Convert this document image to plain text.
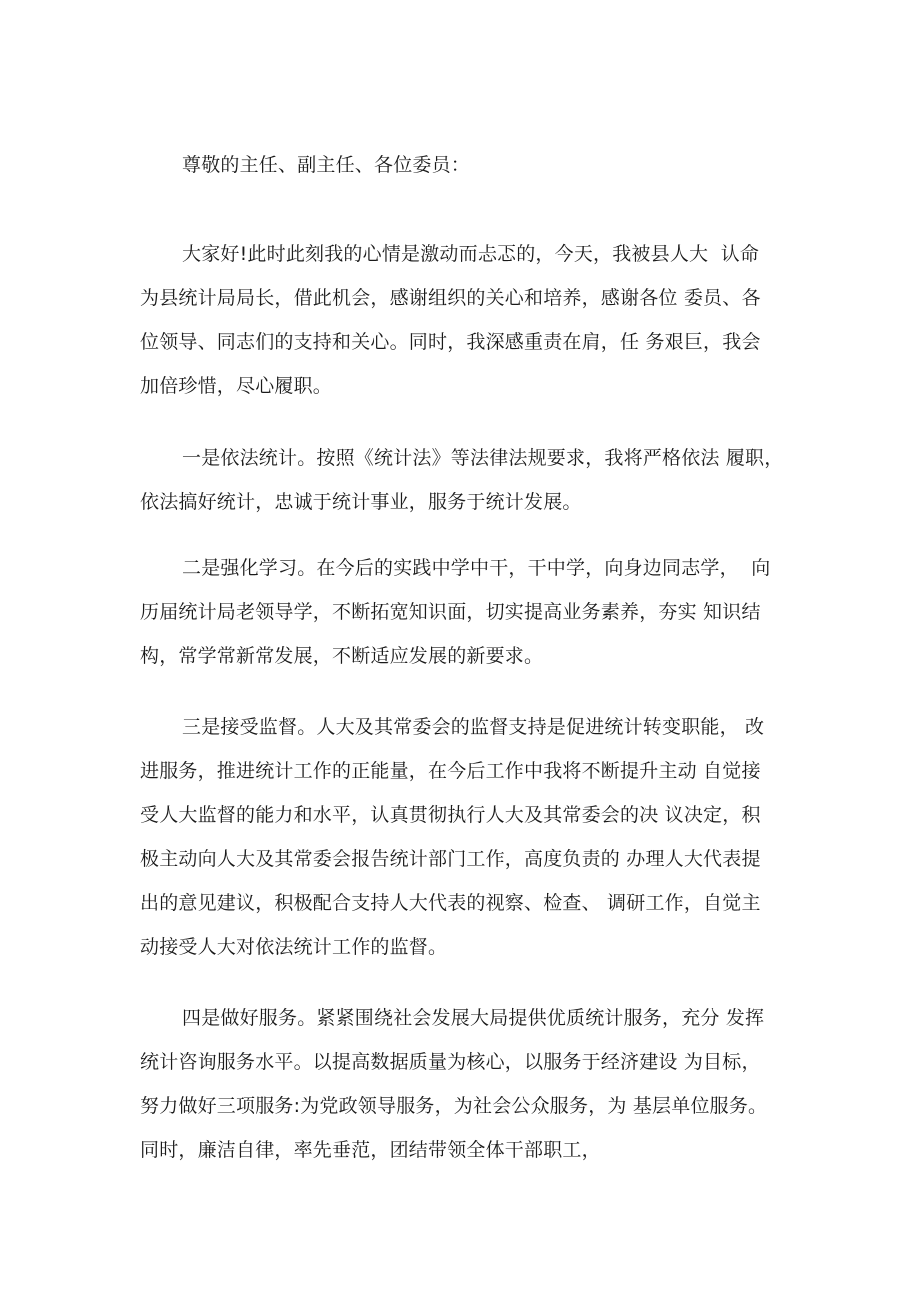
尊敬的主任、副主任、各位委员：
大家好!此时此刻我的心情是激动而忐忑的，今天，我被县人大  认命
为县统计局局长，借此机会，感谢组织的关心和培养，感谢各位 委员、各
位领导、同志们的支持和关心。同时，我深感重责在肩，任 务艰巨，我会
加倍珍惜，尽心履职。
一是依法统计。按照《统计法》等法律法规要求，我将严格依法 履职，
依法搞好统计，忠诚于统计事业，服务于统计发展。
二是强化学习。在今后的实践中学中干，干中学，向身边同志学，  向
历届统计局老领导学，不断拓宽知识面，切实提高业务素养，夯实 知识结
构，常学常新常发展，不断适应发展的新要求。
三是接受监督。人大及其常委会的监督支持是促进统计转变职能， 改
进服务，推进统计工作的正能量，在今后工作中我将不断提升主动 自觉接
受人大监督的能力和水平，认真贯彻执行人大及其常委会的决 议决定，积
极主动向人大及其常委会报告统计部门工作，高度负责的 办理人大代表提
出的意见建议，积极配合支持人大代表的视察、检查、 调研工作，自觉主
动接受人大对依法统计工作的监督。
四是做好服务。紧紧围绕社会发展大局提供优质统计服务，充分 发挥
统计咨询服务水平。以提高数据质量为核心，以服务于经济建设 为目标，
努力做好三项服务:为党政领导服务，为社会公众服务，为 基层单位服务。
同时，廉洁自律，率先垂范，团结带领全体干部职工，
